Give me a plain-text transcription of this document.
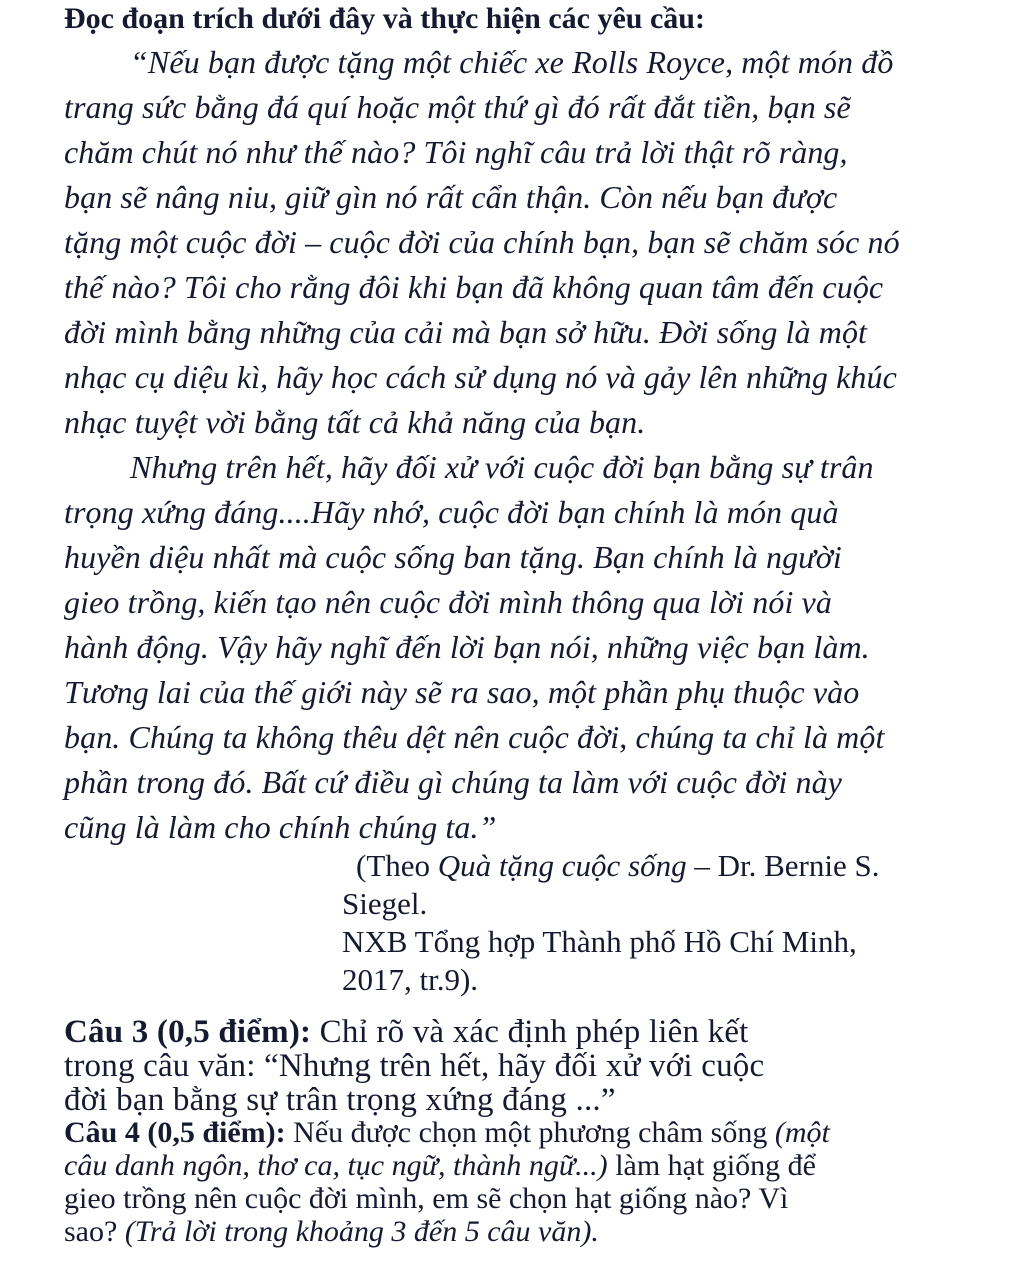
Đọc đoạn trích dưới đây và thực hiện các yêu cầu:
“Nếu bạn được tặng một chiếc xe Rolls Royce, một món đồ
trang sức bằng đá quí hoặc một thứ gì đó rất đắt tiền, bạn sẽ
chăm chút nó như thế nào? Tôi nghĩ câu trả lời thật rõ ràng,
bạn sẽ nâng niu, giữ gìn nó rất cẩn thận. Còn nếu bạn được
tặng một cuộc đời – cuộc đời của chính bạn, bạn sẽ chăm sóc nó
thế nào? Tôi cho rằng đôi khi bạn đã không quan tâm đến cuộc
đời mình bằng những của cải mà bạn sở hữu. Đời sống là một
nhạc cụ diệu kì, hãy học cách sử dụng nó và gảy lên những khúc
nhạc tuyệt vời bằng tất cả khả năng của bạn.
Nhưng trên hết, hãy đối xử với cuộc đời bạn bằng sự trân
trọng xứng đáng....Hãy nhớ, cuộc đời bạn chính là món quà
huyền diệu nhất mà cuộc sống ban tặng. Bạn chính là người
gieo trồng, kiến tạo nên cuộc đời mình thông qua lời nói và
hành động. Vậy hãy nghĩ đến lời bạn nói, những việc bạn làm.
Tương lai của thế giới này sẽ ra sao, một phần phụ thuộc vào
bạn. Chúng ta không thêu dệt nên cuộc đời, chúng ta chỉ là một
phần trong đó. Bất cứ điều gì chúng ta làm với cuộc đời này
cũng là làm cho chính chúng ta.”
(Theo Quà tặng cuộc sống – Dr. Bernie S.
Siegel.
NXB Tổng hợp Thành phố Hồ Chí Minh,
2017, tr.9).
Câu 3 (0,5 điểm): Chỉ rõ và xác định phép liên kết
trong câu văn: “Nhưng trên hết, hãy đối xử với cuộc
đời bạn bằng sự trân trọng xứng đáng ...”
Câu 4 (0,5 điểm): Nếu được chọn một phương châm sống (một
câu danh ngôn, thơ ca, tục ngữ, thành ngữ...) làm hạt giống để
gieo trồng nên cuộc đời mình, em sẽ chọn hạt giống nào? Vì
sao? (Trả lời trong khoảng 3 đến 5 câu văn).
